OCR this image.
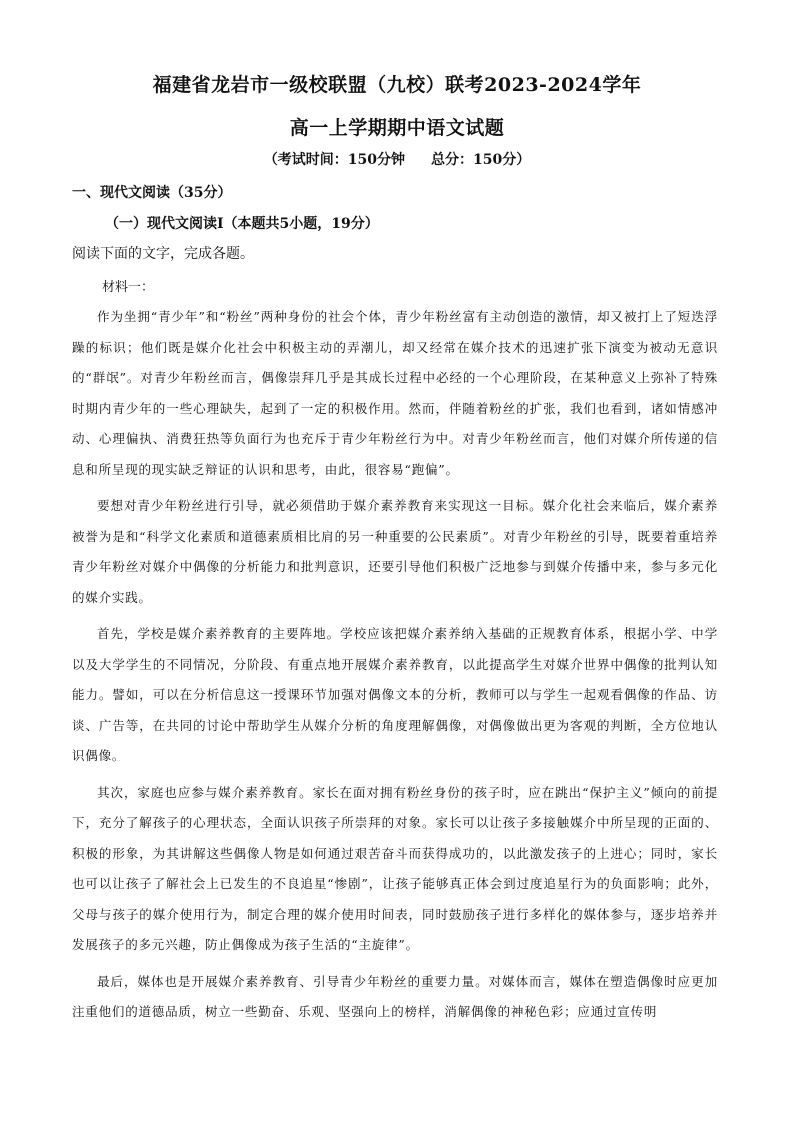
福建省龙岩市一级校联盟（九校）联考2023-2024学年
高一上学期期中语文试题
（考试时间：150分钟 总分：150分）
一、现代文阅读（35分）
（一）现代文阅读Ⅰ（本题共5小题，19分）
阅读下面的文字，完成各题。
材料一：

作为坐拥“青少年”和“粉丝”两种身份的社会个体，青少年粉丝富有主动创造的激情，却又被打上了短迭浮躁的标识；他们既是媒介化社会中积极主动的弄潮儿，却又经常在媒介技术的迅速扩张下演变为被动无意识的“群氓”。对青少年粉丝而言，偶像崇拜几乎是其成长过程中必经的一个心理阶段，在某种意义上弥补了特殊时期内青少年的一些心理缺失，起到了一定的积极作用。然而，伴随着粉丝的扩张，我们也看到，诸如情感冲动、心理偏执、消费狂热等负面行为也充斥于青少年粉丝行为中。对青少年粉丝而言，他们对媒介所传递的信息和所呈现的现实缺乏辩证的认识和思考，由此，很容易“跑偏”。

要想对青少年粉丝进行引导，就必须借助于媒介素养教育来实现这一目标。媒介化社会来临后，媒介素养被誉为是和“科学文化素质和道德素质相比肩的另一种重要的公民素质”。对青少年粉丝的引导，既要着重培养青少年粉丝对媒介中偶像的分析能力和批判意识，还要引导他们积极广泛地参与到媒介传播中来，参与多元化的媒介实践。

首先，学校是媒介素养教育的主要阵地。学校应该把媒介素养纳入基础的正规教育体系，根据小学、中学以及大学学生的不同情况，分阶段、有重点地开展媒介素养教育，以此提高学生对媒介世界中偶像的批判认知能力。譬如，可以在分析信息这一授课环节加强对偶像文本的分析，教师可以与学生一起观看偶像的作品、访谈、广告等，在共同的讨论中帮助学生从媒介分析的角度理解偶像，对偶像做出更为客观的判断，全方位地认识偶像。

其次，家庭也应参与媒介素养教育。家长在面对拥有粉丝身份的孩子时，应在跳出“保护主义”倾向的前提下，充分了解孩子的心理状态，全面认识孩子所崇拜的对象。家长可以让孩子多接触媒介中所呈现的正面的、积极的形象，为其讲解这些偶像人物是如何通过艰苦奋斗而获得成功的，以此激发孩子的上进心；同时，家长也可以让孩子了解社会上已发生的不良追星“惨剧”，让孩子能够真正体会到过度追星行为的负面影响；此外，父母与孩子的媒介使用行为，制定合理的媒介使用时间表，同时鼓励孩子进行多样化的媒体参与，逐步培养并发展孩子的多元兴趣，防止偶像成为孩子生活的“主旋律”。

最后，媒体也是开展媒介素养教育、引导青少年粉丝的重要力量。对媒体而言，媒体在塑造偶像时应更加注重他们的道德品质，树立一些勤奋、乐观、坚强向上的榜样，消解偶像的神秘色彩；应通过宣传明
